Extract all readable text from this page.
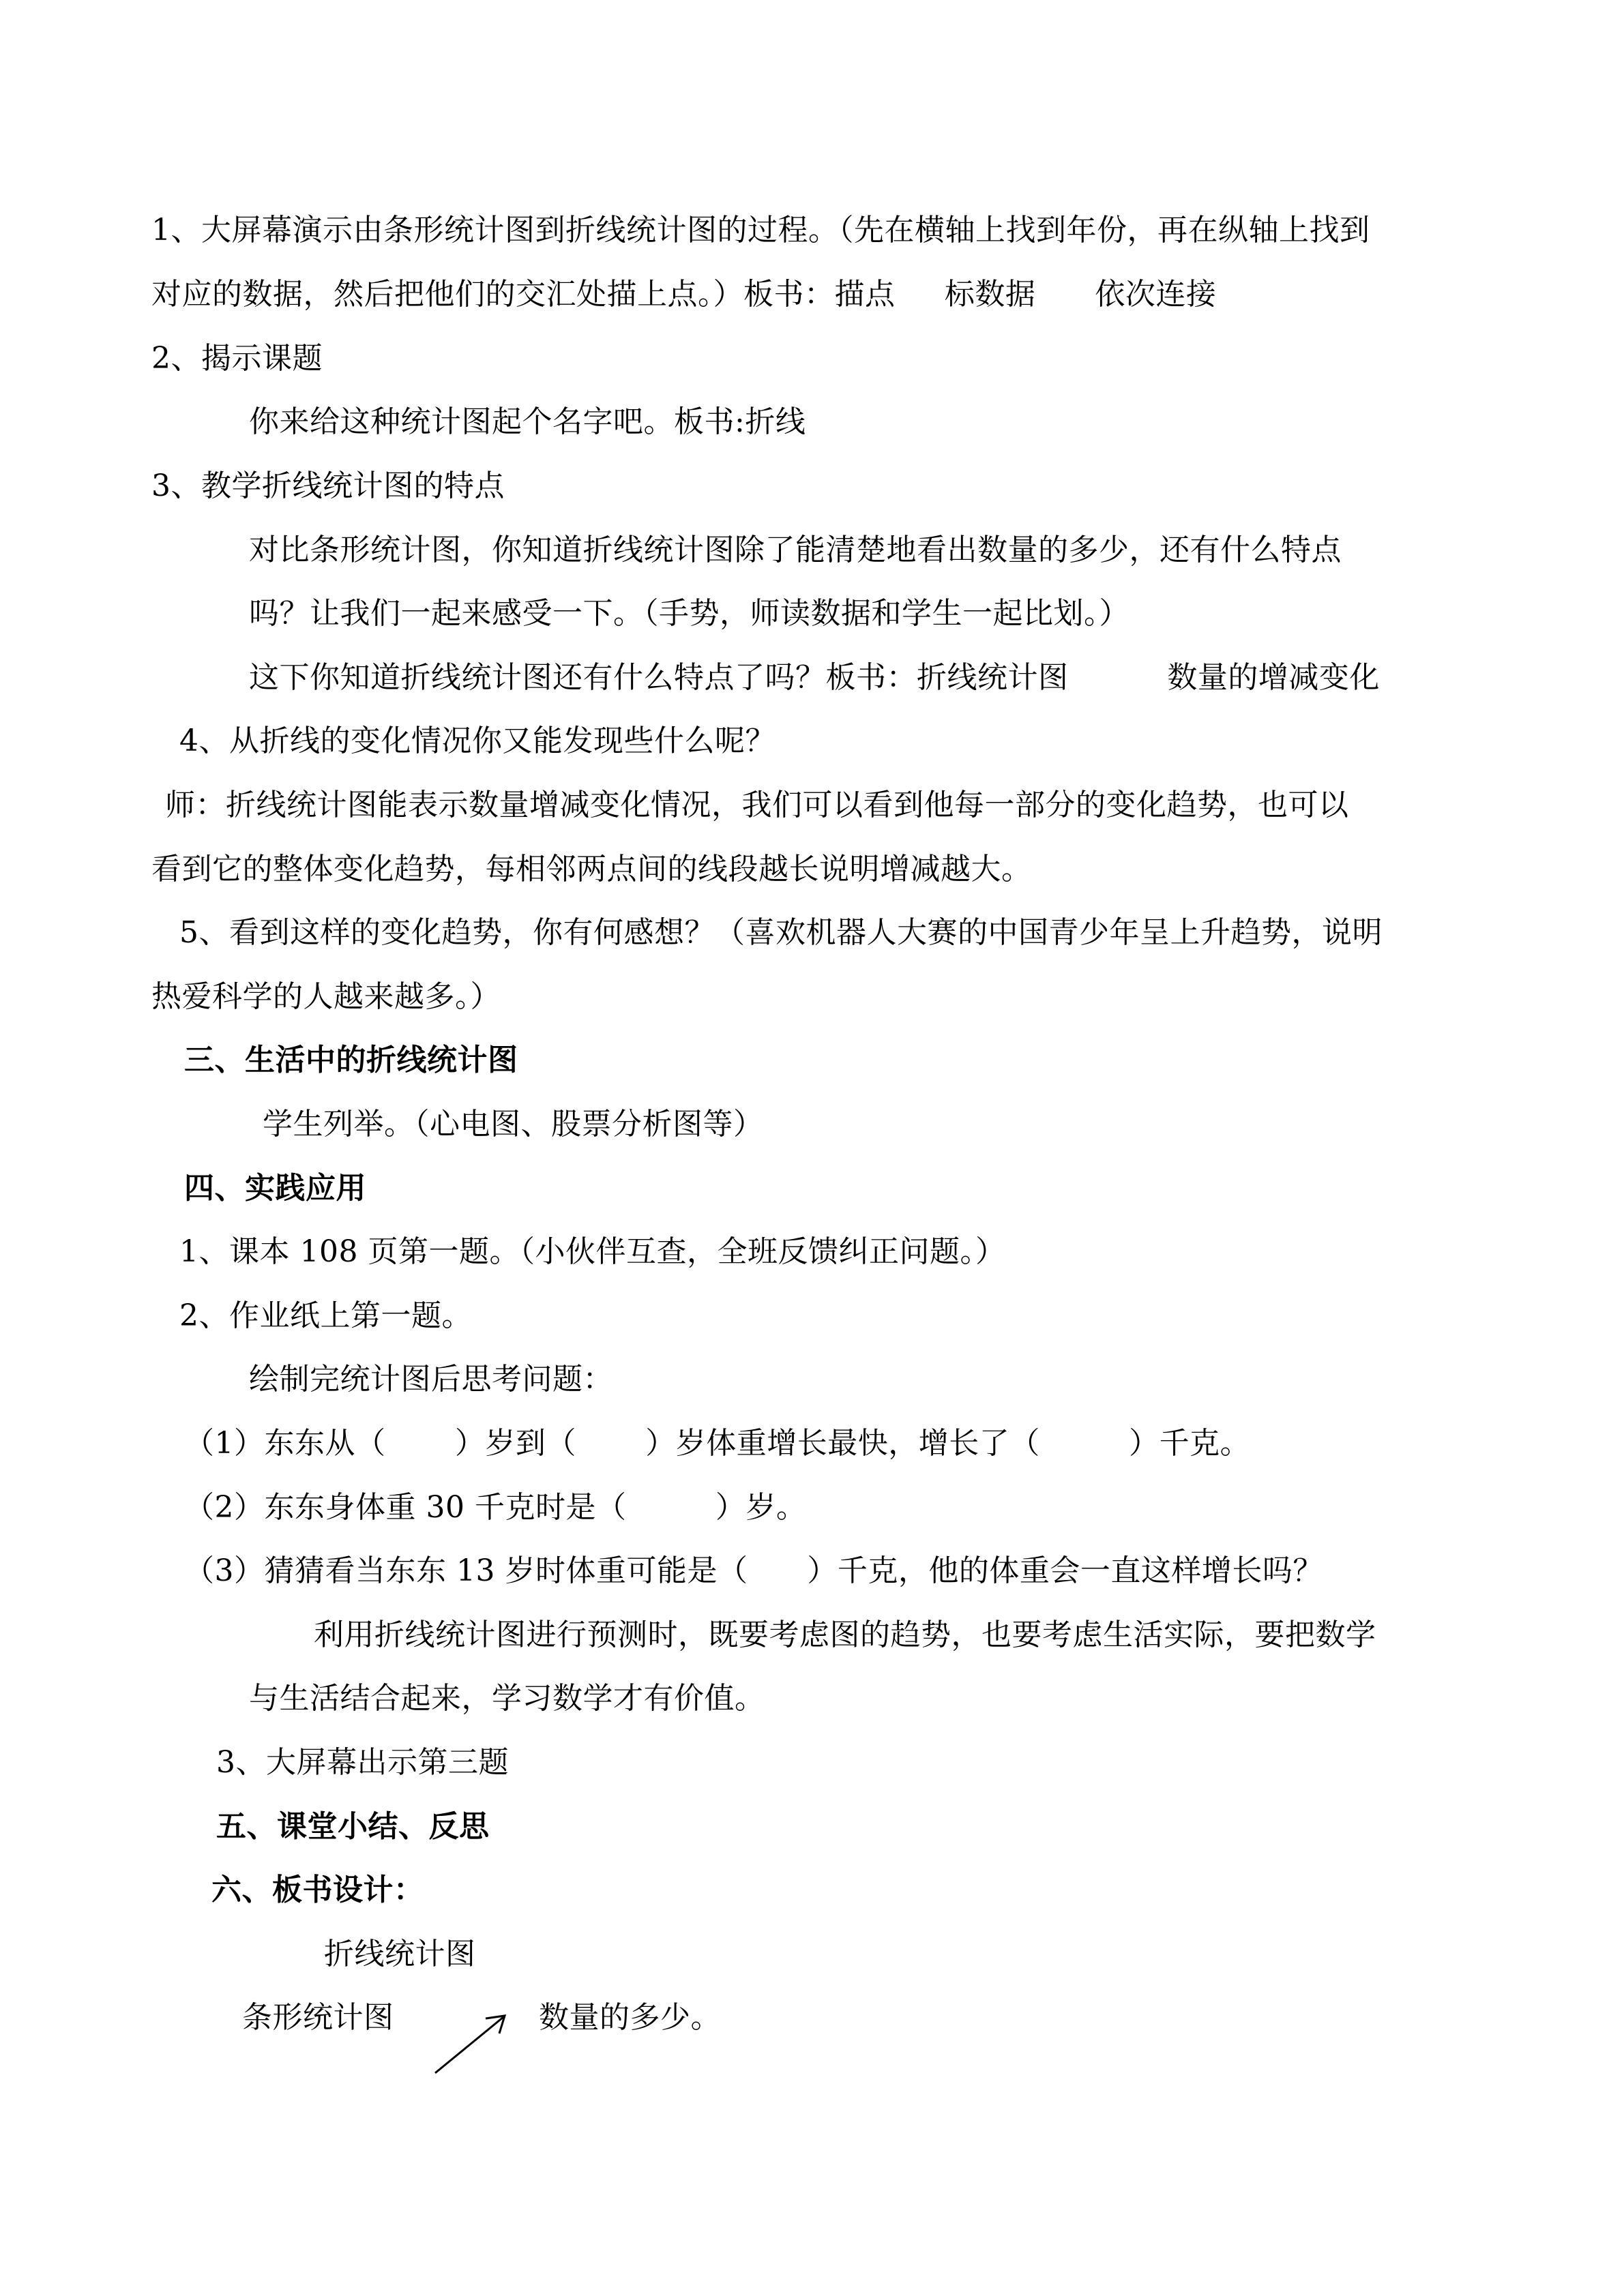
1、大屏幕演示由条形统计图到折线统计图的过程。（先在横轴上找到年份，再在纵轴上找到
对应的数据，然后把他们的交汇处描上点。）板书：描点     标数据      依次连接
2、揭示课题
你来给这种统计图起个名字吧。板书:折线
3、教学折线统计图的特点
对比条形统计图，你知道折线统计图除了能清楚地看出数量的多少，还有什么特点
吗？让我们一起来感受一下。（手势，师读数据和学生一起比划。）
这下你知道折线统计图还有什么特点了吗？板书：折线统计图          数量的增减变化
4、从折线的变化情况你又能发现些什么呢？
师：折线统计图能表示数量增减变化情况，我们可以看到他每一部分的变化趋势，也可以
看到它的整体变化趋势，每相邻两点间的线段越长说明增减越大。
5、看到这样的变化趋势，你有何感想？（喜欢机器人大赛的中国青少年呈上升趋势，说明
热爱科学的人越来越多。）
三、生活中的折线统计图
学生列举。（心电图、股票分析图等）
四、实践应用
1、课本 108 页第一题。（小伙伴互查，全班反馈纠正问题。）
2、作业纸上第一题。
绘制完统计图后思考问题：
（1）东东从（       ）岁到（       ）岁体重增长最快，增长了（         ）千克。
（2）东东身体重 30 千克时是（         ）岁。
（3）猜猜看当东东 13 岁时体重可能是（      ）千克，他的体重会一直这样增长吗？
利用折线统计图进行预测时，既要考虑图的趋势，也要考虑生活实际，要把数学
与生活结合起来，学习数学才有价值。
3、大屏幕出示第三题
五、课堂小结、反思
六、板书设计：
折线统计图
条形统计图	数量的多少。
